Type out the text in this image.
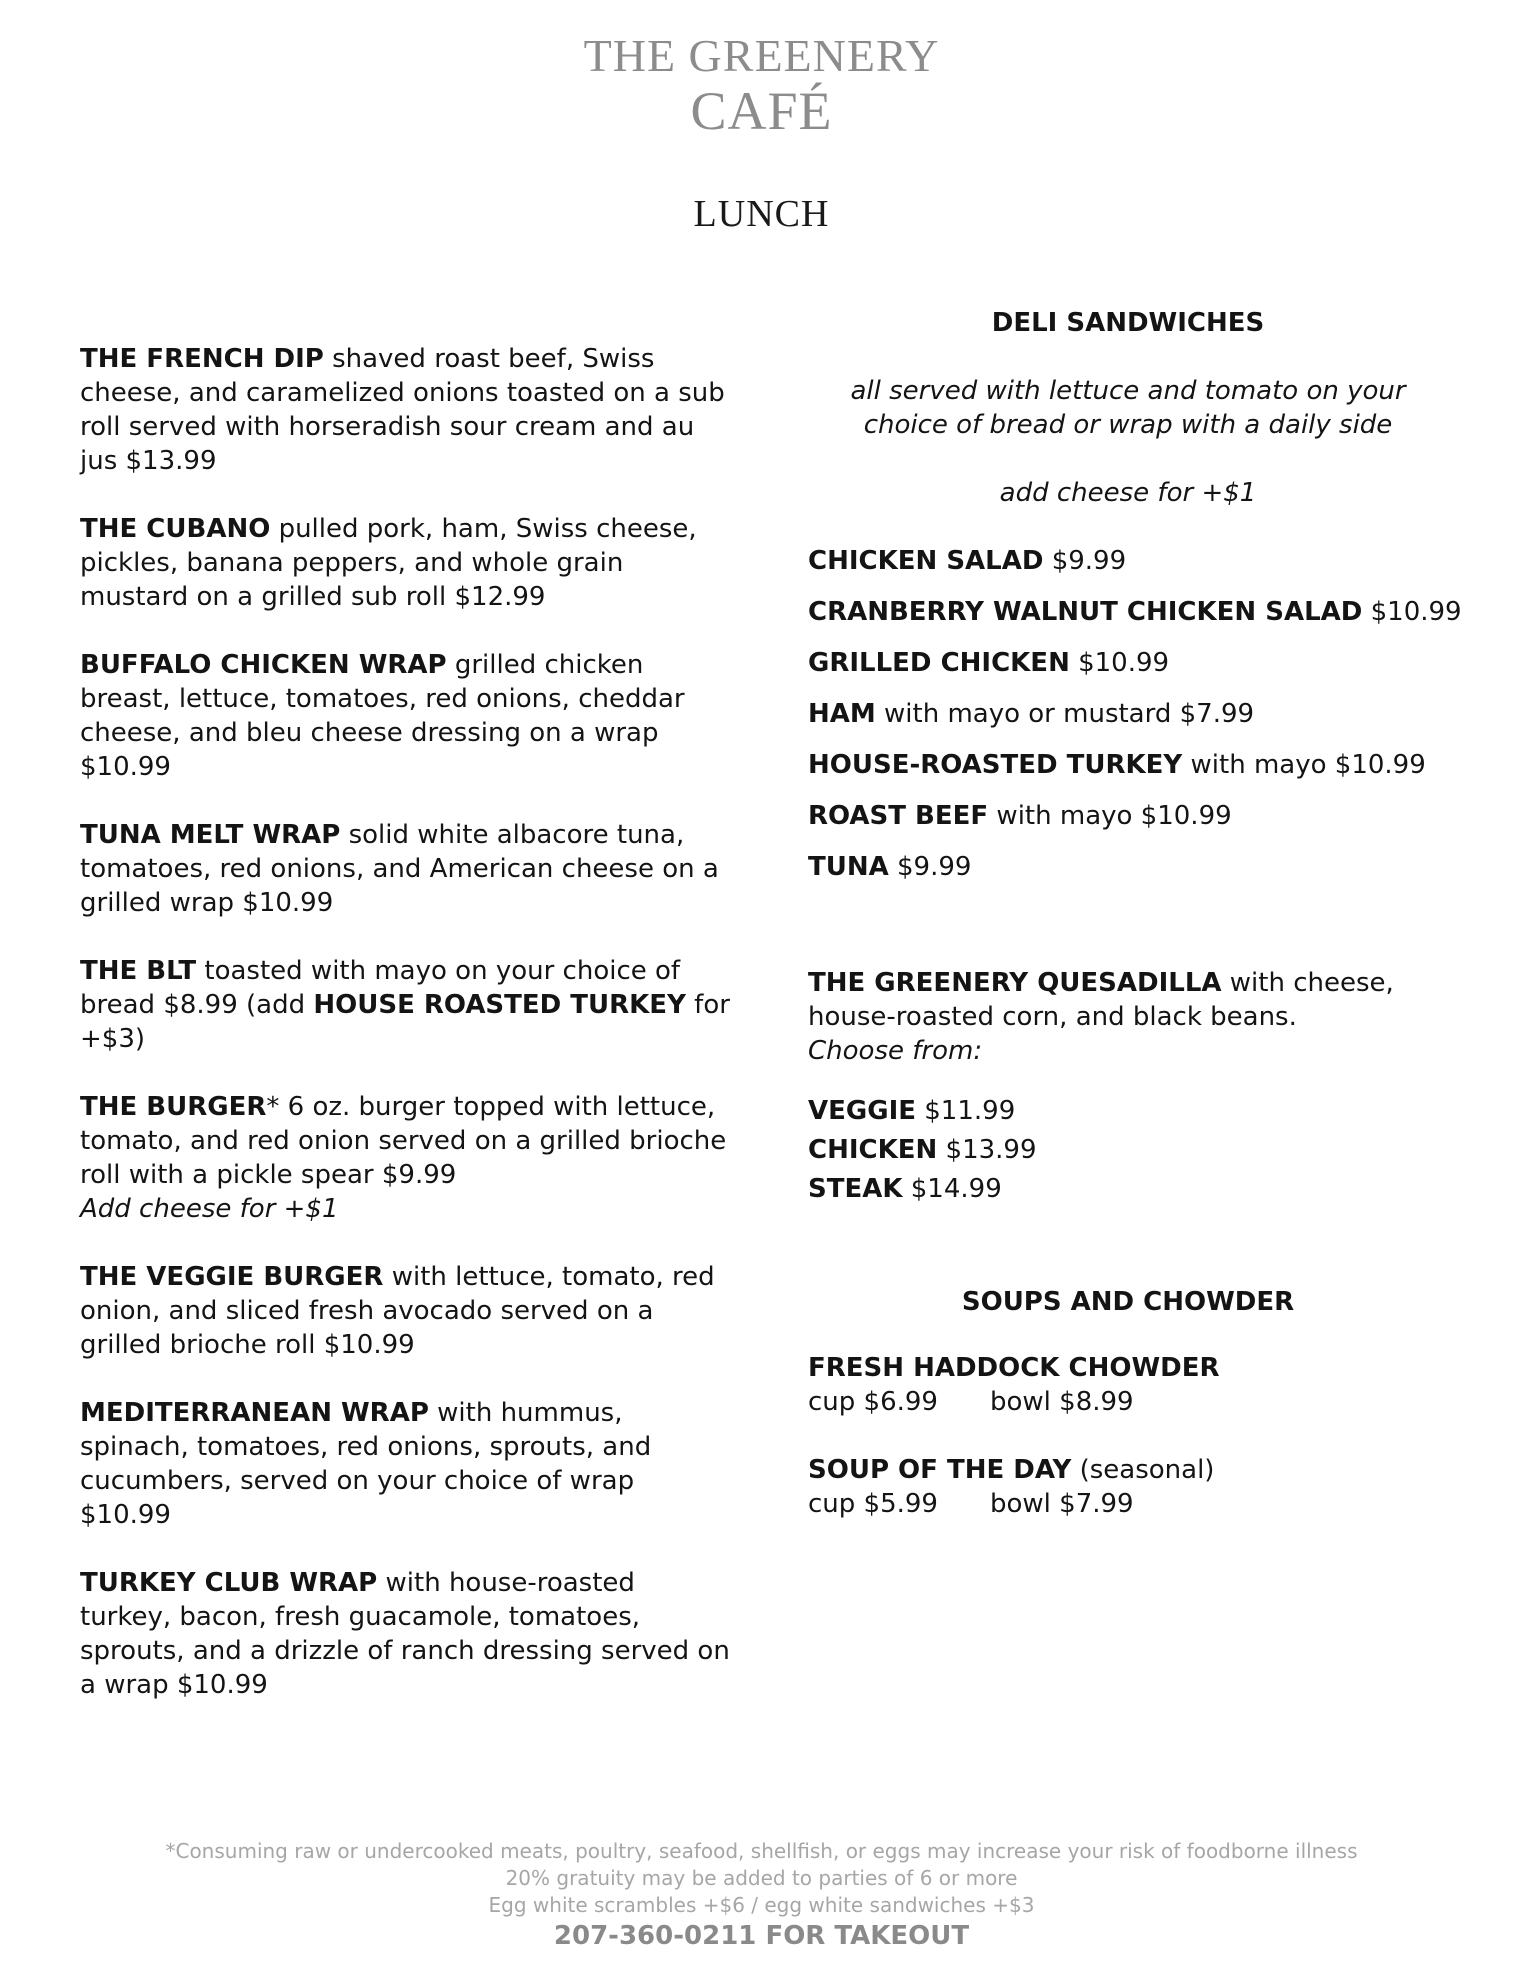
THE GREENERY
CAFÉ
LUNCH
THE FRENCH DIP shaved roast beef, Swiss cheese, and caramelized onions toasted on a sub roll served with horseradish sour cream and au jus $13.99
THE CUBANO pulled pork, ham, Swiss cheese, pickles, banana peppers, and whole grain mustard on a grilled sub roll $12.99
BUFFALO CHICKEN WRAP grilled chicken breast, lettuce, tomatoes, red onions, cheddar cheese, and bleu cheese dressing on a wrap $10.99
TUNA MELT WRAP solid white albacore tuna, tomatoes, red onions, and American cheese on a grilled wrap $10.99
THE BLT toasted with mayo on your choice of bread $8.99 (add HOUSE ROASTED TURKEY for +$3)
THE BURGER* 6 oz. burger topped with lettuce, tomato, and red onion served on a grilled brioche roll with a pickle spear $9.99
Add cheese for +$1
THE VEGGIE BURGER with lettuce, tomato, red onion, and sliced fresh avocado served on a grilled brioche roll $10.99
MEDITERRANEAN WRAP with hummus, spinach, tomatoes, red onions, sprouts, and cucumbers, served on your choice of wrap $10.99
TURKEY CLUB WRAP with house-roasted turkey, bacon, fresh guacamole, tomatoes, sprouts, and a drizzle of ranch dressing served on a wrap $10.99
DELI SANDWICHES
all served with lettuce and tomato on your choice of bread or wrap with a daily side
add cheese for +$1
CHICKEN SALAD $9.99
CRANBERRY WALNUT CHICKEN SALAD $10.99
GRILLED CHICKEN $10.99
HAM with mayo or mustard $7.99
HOUSE-ROASTED TURKEY with mayo $10.99
ROAST BEEF with mayo $10.99
TUNA $9.99
THE GREENERY QUESADILLA with cheese, house-roasted corn, and black beans.
Choose from:
VEGGIE $11.99
CHICKEN $13.99
STEAK $14.99
SOUPS AND CHOWDER
FRESH HADDOCK CHOWDER
cup $6.99 bowl $8.99
SOUP OF THE DAY (seasonal)
cup $5.99 bowl $7.99
*Consuming raw or undercooked meats, poultry, seafood, shellfish, or eggs may increase your risk of foodborne illness
20% gratuity may be added to parties of 6 or more
Egg white scrambles +$6 / egg white sandwiches +$3
207-360-0211 FOR TAKEOUT
